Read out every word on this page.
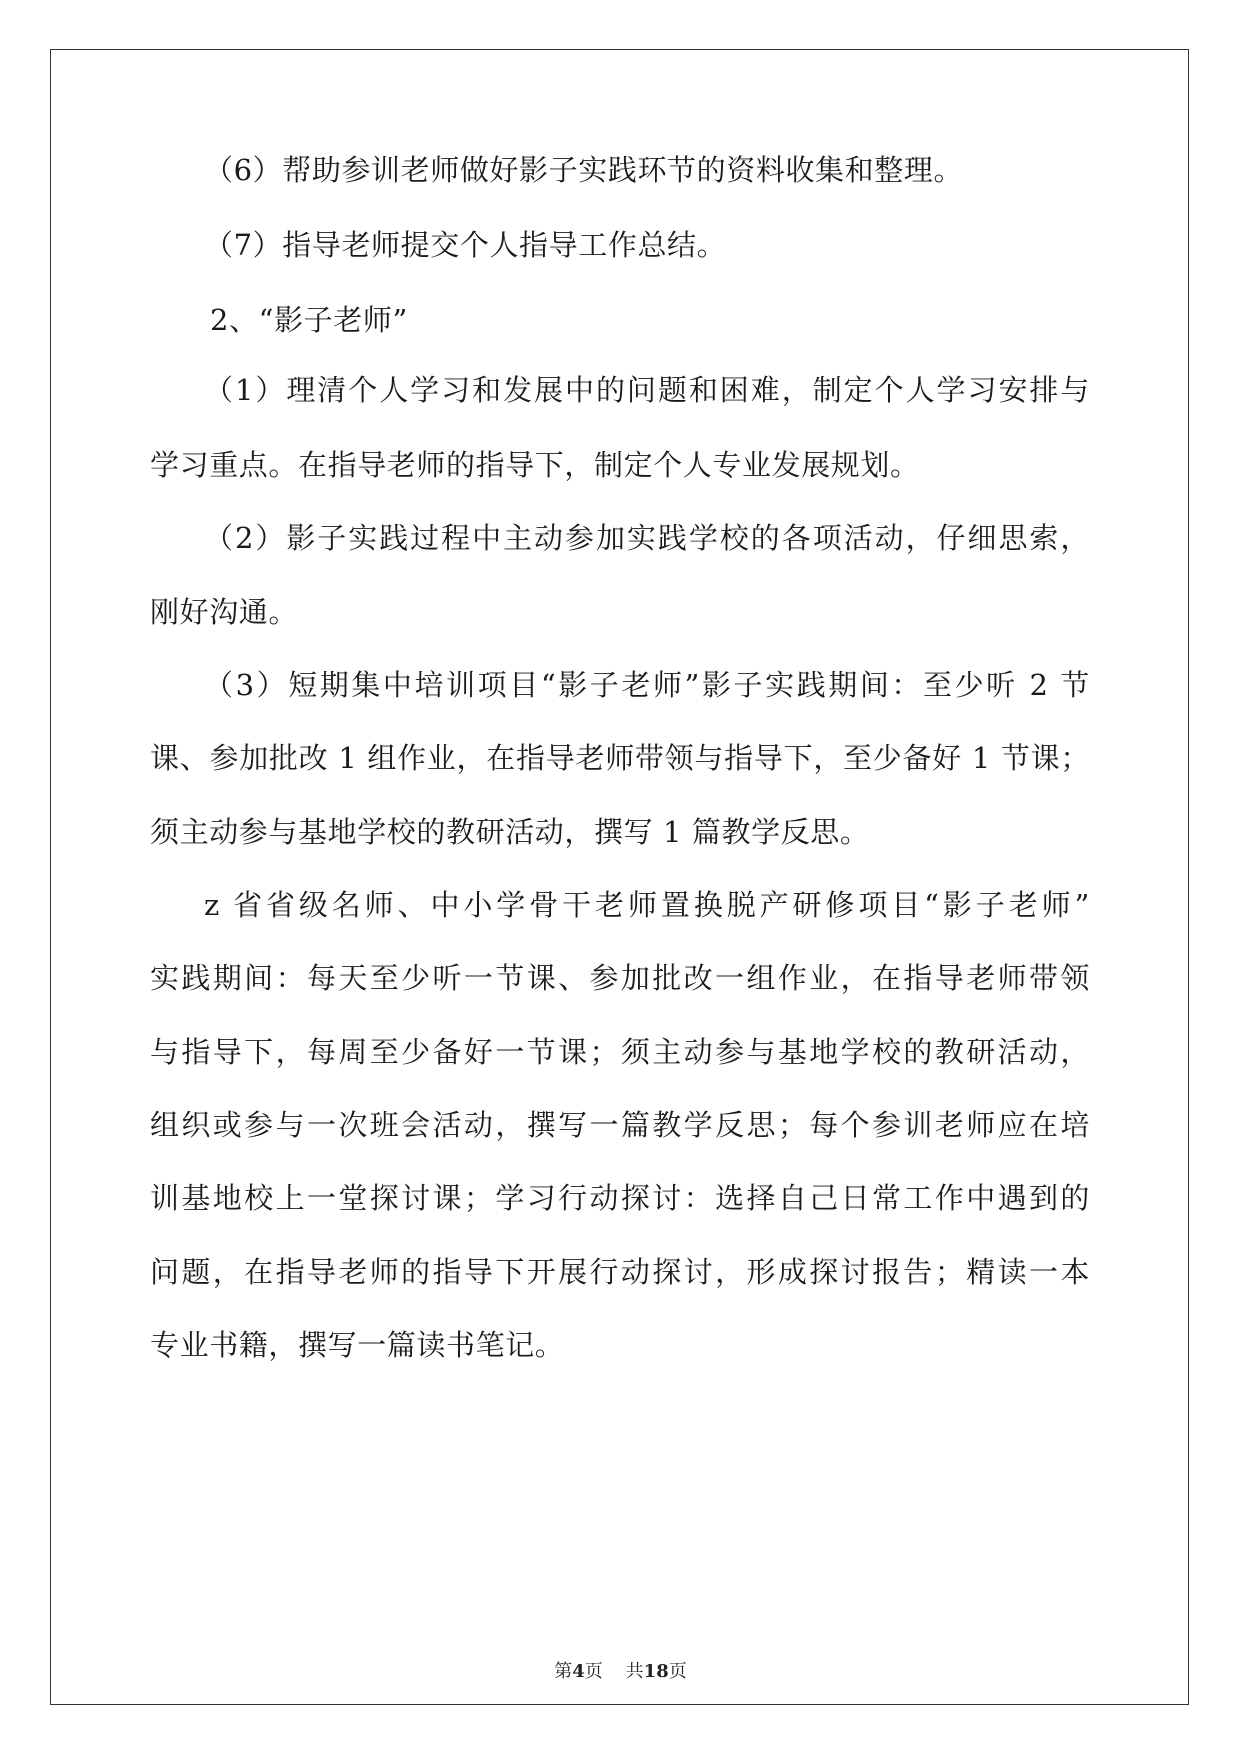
（6）帮助参训老师做好影子实践环节的资料收集和整理。
（7）指导老师提交个人指导工作总结。
2、“影子老师”
（1）理清个人学习和发展中的问题和困难，制定个人学习安排与
学习重点。在指导老师的指导下，制定个人专业发展规划。
（2）影子实践过程中主动参加实践学校的各项活动，仔细思索，
刚好沟通。
（3）短期集中培训项目“影子老师”影子实践期间：至少听 2 节
课、参加批改 1 组作业，在指导老师带领与指导下，至少备好 1 节课；
须主动参与基地学校的教研活动，撰写 1 篇教学反思。
z 省省级名师、中小学骨干老师置换脱产研修项目“影子老师”
实践期间：每天至少听一节课、参加批改一组作业，在指导老师带领
与指导下，每周至少备好一节课；须主动参与基地学校的教研活动，
组织或参与一次班会活动，撰写一篇教学反思；每个参训老师应在培
训基地校上一堂探讨课；学习行动探讨：选择自己日常工作中遇到的
问题，在指导老师的指导下开展行动探讨，形成探讨报告；精读一本
专业书籍，撰写一篇读书笔记。
第4页 共18页
